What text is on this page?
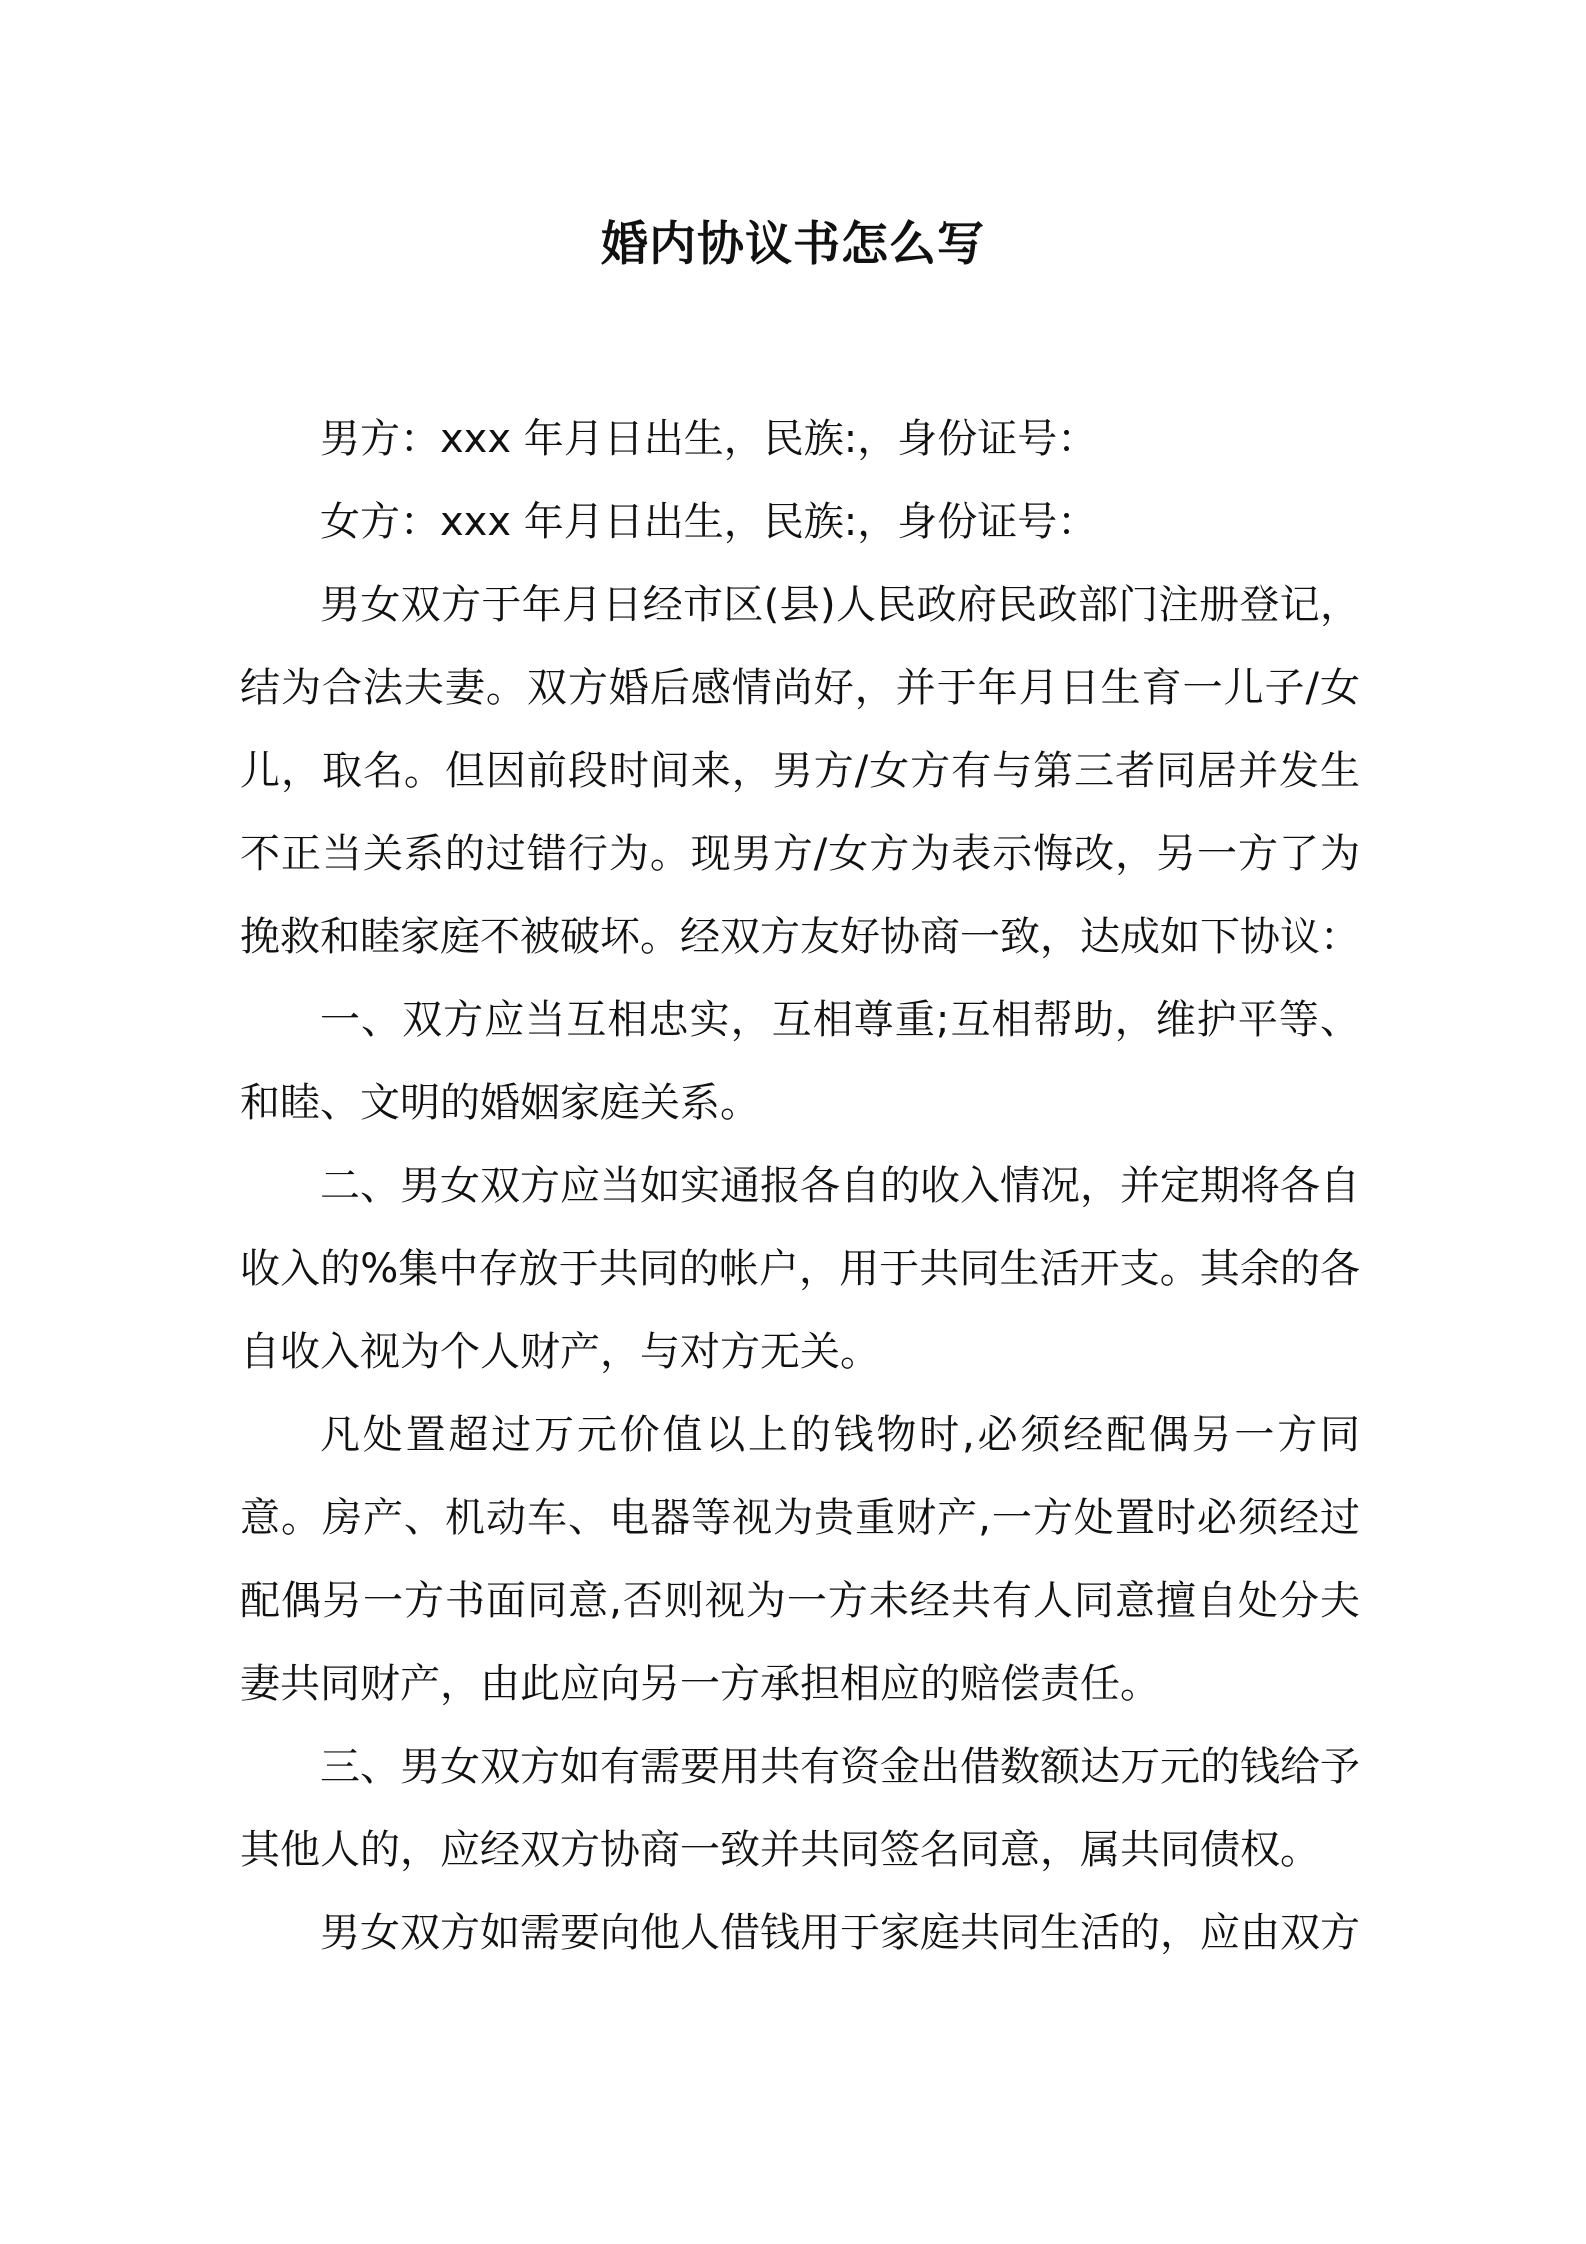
婚内协议书怎么写

男方：xxx 年月日出生，民族:，身份证号：

女方：xxx 年月日出生，民族:，身份证号：

男女双方于年月日经市区(县)人民政府民政部门注册登记，结为合法夫妻。双方婚后感情尚好，并于年月日生育一儿子/女儿，取名。但因前段时间来，男方/女方有与第三者同居并发生不正当关系的过错行为。现男方/女方为表示悔改，另一方了为挽救和睦家庭不被破坏。经双方友好协商一致，达成如下协议：

一、双方应当互相忠实，互相尊重;互相帮助，维护平等、和睦、文明的婚姻家庭关系。

二、男女双方应当如实通报各自的收入情况，并定期将各自收入的%集中存放于共同的帐户，用于共同生活开支。其余的各自收入视为个人财产，与对方无关。

凡处置超过万元价值以上的钱物时,必须经配偶另一方同意。房产、机动车、电器等视为贵重财产,一方处置时必须经过配偶另一方书面同意,否则视为一方未经共有人同意擅自处分夫妻共同财产，由此应向另一方承担相应的赔偿责任。

三、男女双方如有需要用共有资金出借数额达万元的钱给予其他人的，应经双方协商一致并共同签名同意，属共同债权。

男女双方如需要向他人借钱用于家庭共同生活的，应由双方
